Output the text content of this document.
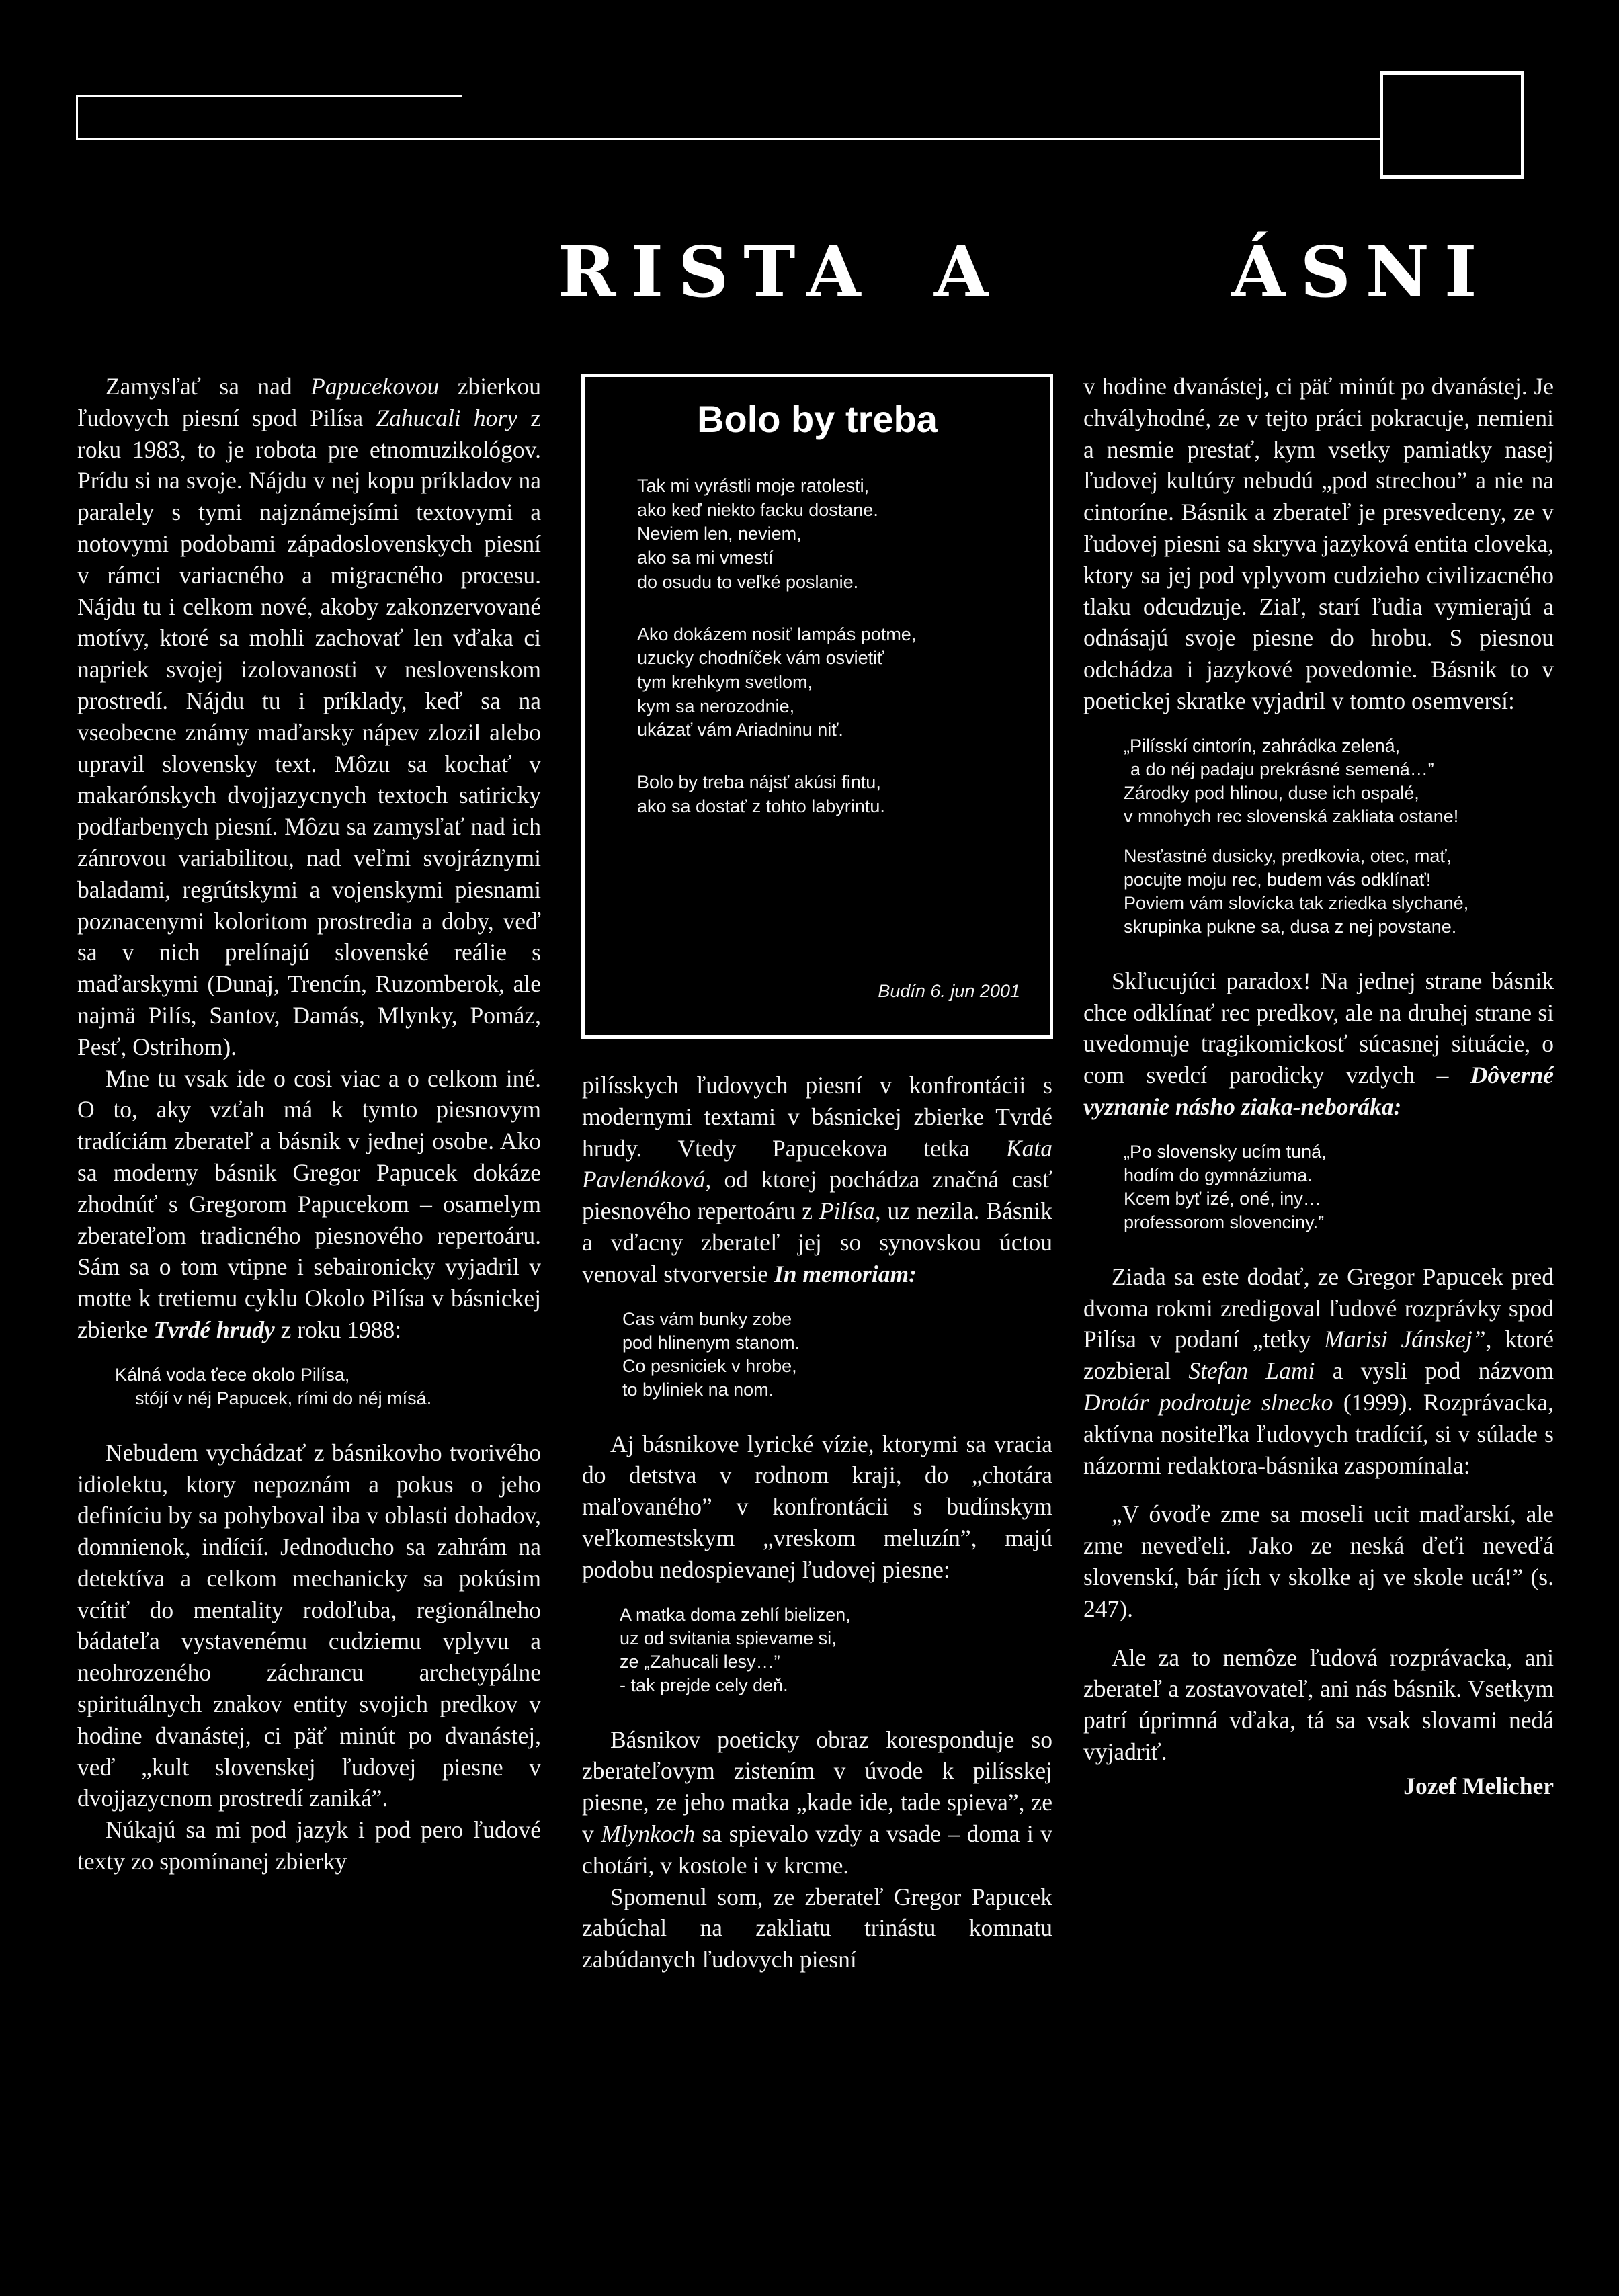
RISTA A	ÁSNI

Zamysľať sa nad Papucekovou zbierkou ľudovych piesní spod Pilísa Zahucali hory z roku 1983, to je robota pre etnomuzikológov. Prídu si na svoje. Nájdu v nej kopu príkladov na paralely s tymi najznámejsími textovymi a notovymi podobami západoslovenskych piesní v rámci variacného a migracného procesu. Nájdu tu i celkom nové, akoby zakonzervované motívy, ktoré sa mohli zachovať len vďaka ci napriek svojej izolovanosti v neslovenskom prostredí. Nájdu tu i príklady, keď sa na vseobecne známy maďarsky nápev zlozil alebo upravil slovensky text. Môzu sa kochať v makarónskych dvojjazycnych textoch satiricky podfarbenych piesní. Môzu sa zamysľať nad ich zánrovou variabilitou, nad veľmi svojráznymi baladami, regrútskymi a vojenskymi piesnami poznacenymi koloritom prostredia a doby, veď sa v nich prelínajú slovenské reálie s maďarskymi (Dunaj, Trencín, Ruzomberok, ale najmä Pilís, Santov, Damás, Mlynky, Pomáz, Pesť, Ostrihom).

Mne tu vsak ide o cosi viac a o celkom iné. O to, aky vzťah má k tymto piesnovym tradíciám zberateľ a básnik v jednej osobe. Ako sa moderny básnik Gregor Papucek dokáze zhodnúť s Gregorom Papucekom – osamelym zberateľom tradicného piesnového repertoáru. Sám sa o tom vtipne i sebaironicky vyjadril v motte k tretiemu cyklu Okolo Pilísa v básnickej zbierke Tvrdé hrudy z roku 1988:

Kálná voda ťece okolo Pilísa,
stójí v néj Papucek, rími do néj mísá.

Nebudem vychádzať z básnikovho tvorivého idiolektu, ktory nepoznám a pokus o jeho definíciu by sa pohyboval iba v oblasti dohadov, domnienok, indícií. Jednoducho sa zahrám na detektíva a celkom mechanicky sa pokúsim vcítiť do mentality rodoľuba, regionálneho bádateľa vystavenému cudziemu vplyvu a neohrozeného záchrancu archetypálne spirituálnych znakov entity svojich predkov v hodine dvanástej, ci päť minút po dvanástej, veď „kult slovenskej ľudovej piesne v dvojjazycnom prostredí zaniká”.

Núkajú sa mi pod jazyk i pod pero ľudové texty zo spomínanej zbierky

Bolo by treba
Tak mi vyrástli moje ratolesti,
ako keď niekto facku dostane.
Neviem len, neviem,
ako sa mi vmestí
do osudu to veľké poslanie.
Ako dokázem nosiť lampás potme,
uzucky chodníček vám osvietiť
tym krehkym svetlom,
kym sa nerozodnie,
ukázať vám Ariadninu niť.
Bolo by treba nájsť akúsi fintu,
ako sa dostať z tohto labyrintu.
Budín 6. jun 2001

pilísskych ľudovych piesní v konfrontácii s modernymi textami v básnickej zbierke Tvrdé hrudy. Vtedy Papucekova tetka Kata Pavlenáková, od ktorej pochádza značná casť piesnového repertoáru z Pilísa, uz nezila. Básnik a vďacny zberateľ jej so synovskou úctou venoval stvorversie In memoriam:

Cas vám bunky zobe
pod hlinenym stanom.
Co pesniciek v hrobe,
to byliniek na nom.

Aj básnikove lyrické vízie, ktorymi sa vracia do detstva v rodnom kraji, do „chotára maľovaného” v konfrontácii s budínskym veľkomestskym „vreskom meluzín”, majú podobu nedospievanej ľudovej piesne:

A matka doma zehlí bielizen,
uz od svitania spievame si,
ze „Zahucali lesy…”
- tak prejde cely deň.

Básnikov poeticky obraz koresponduje so zberateľovym zistením v úvode k pilísskej piesne, ze jeho matka „kade ide, tade spieva”, ze v Mlynkoch sa spievalo vzdy a vsade – doma i v chotári, v kostole i v krcme.

Spomenul som, ze zberateľ Gregor Papucek zabúchal na zakliatu trinástu komnatu zabúdanych ľudovych piesní

v hodine dvanástej, ci päť minút po dvanástej. Je chvályhodné, ze v tejto práci pokracuje, nemieni a nesmie prestať, kym vsetky pamiatky nasej ľudovej kultúry nebudú „pod strechou” a nie na cintoríne. Básnik a zberateľ je presvedceny, ze v ľudovej piesni sa skryva jazyková entita cloveka, ktory sa jej pod vplyvom cudzieho civilizacného tlaku odcudzuje. Ziaľ, starí ľudia vymierajú a odnásajú svoje piesne do hrobu. S piesnou odchádza i jazykové povedomie. Básnik to v poetickej skratke vyjadril v tomto osemversí:

„Pilísskí cintorín, zahrádka zelená,
a do néj padaju prekrásné semená…”
Zárodky pod hlinou, duse ich ospalé,
v mnohych rec slovenská zakliata ostane!
Nesťastné dusicky, predkovia, otec, mať,
pocujte moju rec, budem vás odklínať!
Poviem vám slovícka tak zriedka slychané,
skrupinka pukne sa, dusa z nej povstane.

Skľucujúci paradox! Na jednej strane básnik chce odklínať rec predkov, ale na druhej strane si uvedomuje tragikomickosť súcasnej situácie, o com svedcí parodicky vzdych – Dôverné vyznanie násho ziaka-neboráka:

„Po slovensky ucím tuná,
hodím do gymnáziuma.
Kcem byť izé, oné, iny…
professorom slovenciny.”

Ziada sa este dodať, ze Gregor Papucek pred dvoma rokmi zredigoval ľudové rozprávky spod Pilísa v podaní „tetky Marisi Jánskej”, ktoré zozbieral Stefan Lami a vysli pod názvom Drotár podrotuje slnecko (1999). Rozprávacka, aktívna nositeľka ľudovych tradícií, si v súlade s názormi redaktora-básnika zaspomínala:

„V óvoďe zme sa moseli ucit maďarskí, ale zme neveďeli. Jako ze neská ďeťi neveďá slovenskí, bár jích v skolke aj ve skole ucá!” (s. 247).

Ale za to nemôze ľudová rozprávacka, ani zberateľ a zostavovateľ, ani nás básnik. Vsetkym patrí úprimná vďaka, tá sa vsak slovami nedá vyjadriť.

Jozef Melicher
